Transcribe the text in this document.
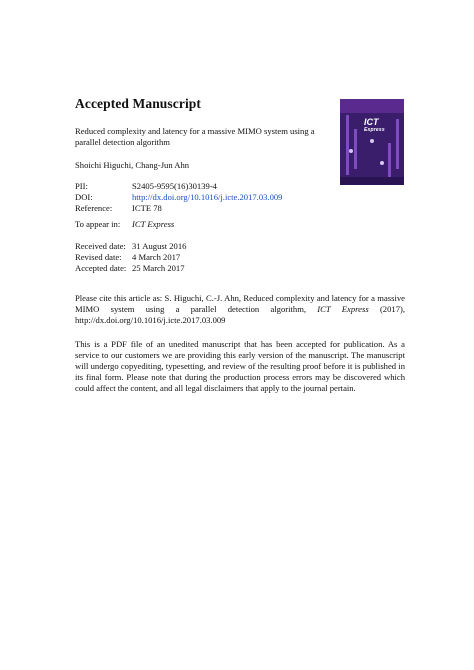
Accepted Manuscript
ICT
Express
Reduced complexity and latency for a massive MIMO system using a parallel detection algorithm
Shoichi Higuchi, Chang-Jun Ahn
PII:	S2405-9595(16)30139-4
DOI:	http://dx.doi.org/10.1016/j.icte.2017.03.009
Reference:	ICTE 78
To appear in:	ICT Express
Received date: 31 August 2016
Revised date:	4 March 2017
Accepted date: 25 March 2017
Please cite this article as: S. Higuchi, C.-J. Ahn, Reduced complexity and latency for a massive MIMO system using a parallel detection algorithm, ICT Express (2017), http://dx.doi.org/10.1016/j.icte.2017.03.009
This is a PDF file of an unedited manuscript that has been accepted for publication. As a service to our customers we are providing this early version of the manuscript. The manuscript will undergo copyediting, typesetting, and review of the resulting proof before it is published in its final form. Please note that during the production process errors may be discovered which could affect the content, and all legal disclaimers that apply to the journal pertain.
